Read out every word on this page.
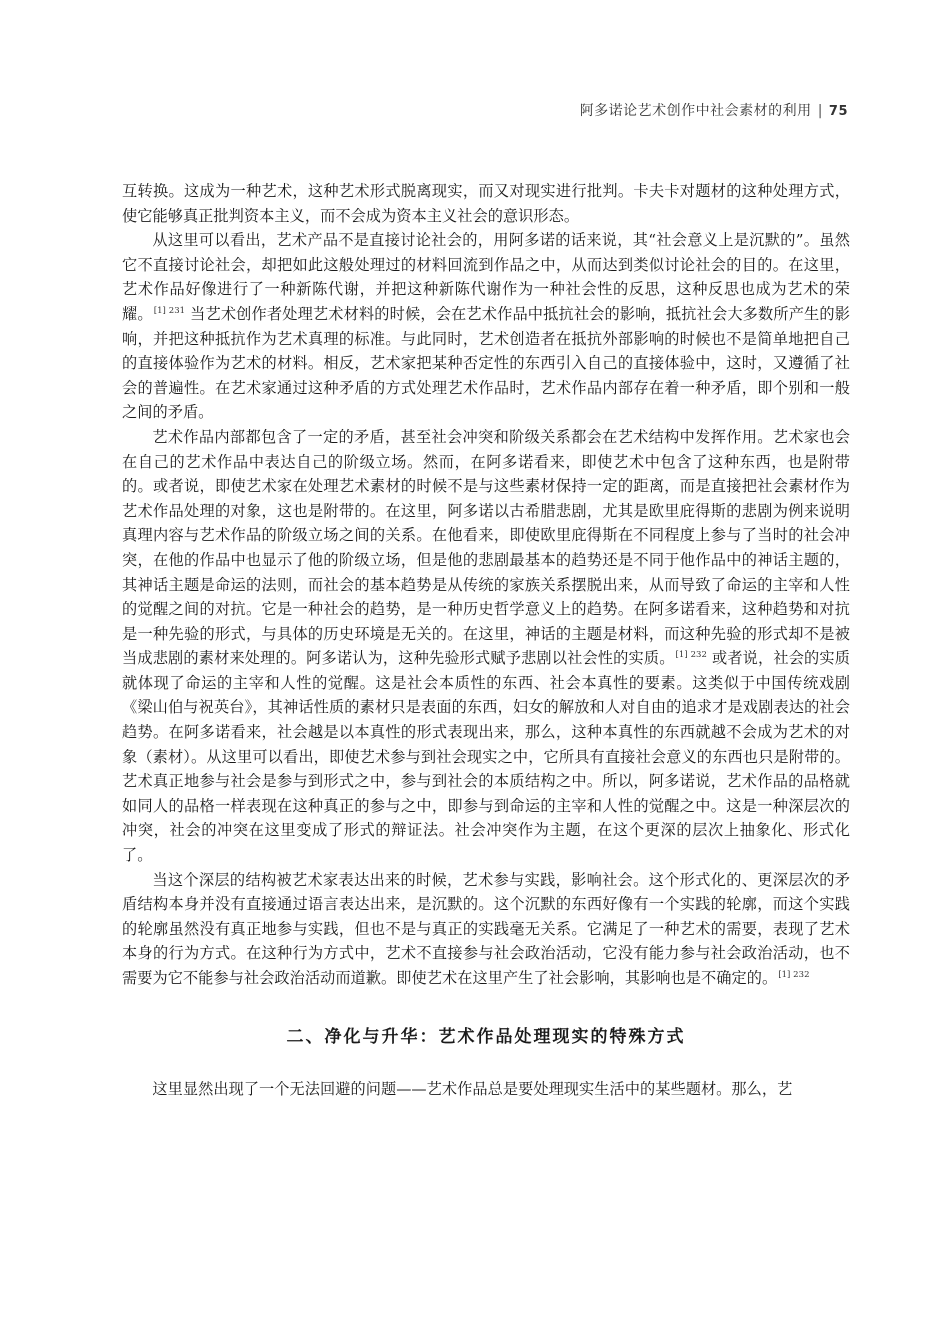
阿多诺论艺术创作中社会素材的利用 | 75

互转换。这成为一种艺术，这种艺术形式脱离现实，而又对现实进行批判。卡夫卡对题材的这种处理方式，使它能够真正批判资本主义，而不会成为资本主义社会的意识形态。

从这里可以看出，艺术产品不是直接讨论社会的，用阿多诺的话来说，其“社会意义上是沉默的”。虽然它不直接讨论社会，却把如此这般处理过的材料回流到作品之中，从而达到类似讨论社会的目的。在这里，艺术作品好像进行了一种新陈代谢，并把这种新陈代谢作为一种社会性的反思，这种反思也成为艺术的荣耀。$^{[1] 231}$ 当艺术创作者处理艺术材料的时候，会在艺术作品中抵抗社会的影响，抵抗社会大多数所产生的影响，并把这种抵抗作为艺术真理的标准。与此同时，艺术创造者在抵抗外部影响的时候也不是简单地把自己的直接体验作为艺术的材料。相反，艺术家把某种否定性的东西引入自己的直接体验中，这时，又遵循了社会的普遍性。在艺术家通过这种矛盾的方式处理艺术作品时，艺术作品内部存在着一种矛盾，即个别和一般之间的矛盾。

艺术作品内部都包含了一定的矛盾，甚至社会冲突和阶级关系都会在艺术结构中发挥作用。艺术家也会在自己的艺术作品中表达自己的阶级立场。然而，在阿多诺看来，即使艺术中包含了这种东西，也是附带的。或者说，即使艺术家在处理艺术素材的时候不是与这些素材保持一定的距离，而是直接把社会素材作为艺术作品处理的对象，这也是附带的。在这里，阿多诺以古希腊悲剧，尤其是欧里庇得斯的悲剧为例来说明真理内容与艺术作品的阶级立场之间的关系。在他看来，即使欧里庇得斯在不同程度上参与了当时的社会冲突，在他的作品中也显示了他的阶级立场，但是他的悲剧最基本的趋势还是不同于他作品中的神话主题的，其神话主题是命运的法则，而社会的基本趋势是从传统的家族关系摆脱出来，从而导致了命运的主宰和人性的觉醒之间的对抗。它是一种社会的趋势，是一种历史哲学意义上的趋势。在阿多诺看来，这种趋势和对抗是一种先验的形式，与具体的历史环境是无关的。在这里，神话的主题是材料，而这种先验的形式却不是被当成悲剧的素材来处理的。阿多诺认为，这种先验形式赋予悲剧以社会性的实质。$^{[1] 232}$ 或者说，社会的实质就体现了命运的主宰和人性的觉醒。这是社会本质性的东西、社会本真性的要素。这类似于中国传统戏剧《梁山伯与祝英台》，其神话性质的素材只是表面的东西，妇女的解放和人对自由的追求才是戏剧表达的社会趋势。在阿多诺看来，社会越是以本真性的形式表现出来，那么，这种本真性的东西就越不会成为艺术的对象（素材）。从这里可以看出，即使艺术参与到社会现实之中，它所具有直接社会意义的东西也只是附带的。艺术真正地参与社会是参与到形式之中，参与到社会的本质结构之中。所以，阿多诺说，艺术作品的品格就如同人的品格一样表现在这种真正的参与之中，即参与到命运的主宰和人性的觉醒之中。这是一种深层次的冲突，社会的冲突在这里变成了形式的辩证法。社会冲突作为主题，在这个更深的层次上抽象化、形式化了。

当这个深层的结构被艺术家表达出来的时候，艺术参与实践，影响社会。这个形式化的、更深层次的矛盾结构本身并没有直接通过语言表达出来，是沉默的。这个沉默的东西好像有一个实践的轮廓，而这个实践的轮廓虽然没有真正地参与实践，但也不是与真正的实践毫无关系。它满足了一种艺术的需要，表现了艺术本身的行为方式。在这种行为方式中，艺术不直接参与社会政治活动，它没有能力参与社会政治活动，也不需要为它不能参与社会政治活动而道歉。即使艺术在这里产生了社会影响，其影响也是不确定的。$^{[1] 232}$

二、净化与升华：艺术作品处理现实的特殊方式

这里显然出现了一个无法回避的问题——艺术作品总是要处理现实生活中的某些题材。那么，艺
